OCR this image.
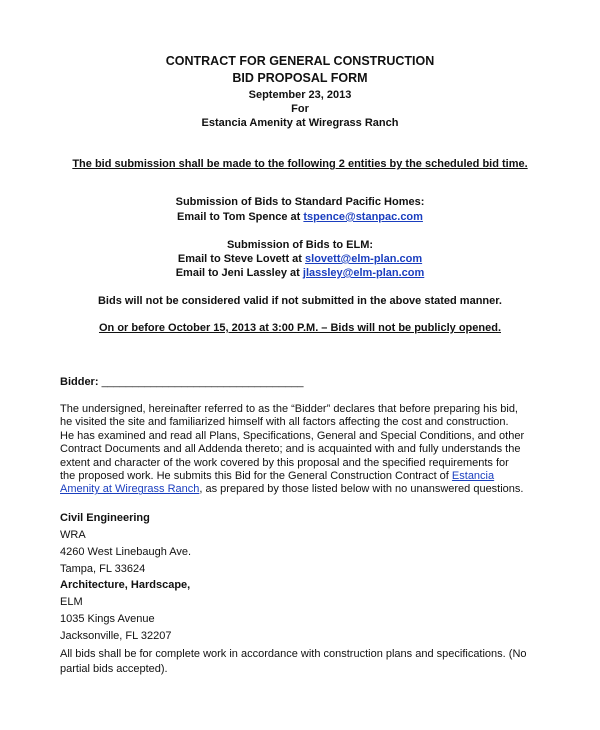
CONTRACT FOR GENERAL CONSTRUCTION
BID PROPOSAL FORM
September 23, 2013
For
Estancia Amenity at Wiregrass Ranch
The bid submission shall be made to the following 2 entities by the scheduled bid time.
Submission of Bids to Standard Pacific Homes:
Email to Tom Spence at tspence@stanpac.com
Submission of Bids to ELM:
Email to Steve Lovett at slovett@elm-plan.com
Email to Jeni Lassley at jlassley@elm-plan.com
Bids will not be considered valid if not submitted in the above stated manner.
On or before October 15, 2013 at 3:00 P.M. – Bids will not be publicly opened.
Bidder: _________________________________
The undersigned, hereinafter referred to as the “Bidder” declares that before preparing his bid,
he visited the site and familiarized himself with all factors affecting the cost and construction.
He has examined and read all Plans, Specifications, General and Special Conditions, and other
Contract Documents and all Addenda thereto; and is acquainted with and fully understands the
extent and character of the work covered by this proposal and the specified requirements for
the proposed work. He submits this Bid for the General Construction Contract of Estancia
Amenity at Wiregrass Ranch, as prepared by those listed below with no unanswered questions.
Civil Engineering
WRA
4260 West Linebaugh Ave.
Tampa, FL 33624
Architecture, Hardscape,
ELM
1035 Kings Avenue
Jacksonville, FL 32207
All bids shall be for complete work in accordance with construction plans and specifications. (No
partial bids accepted).
